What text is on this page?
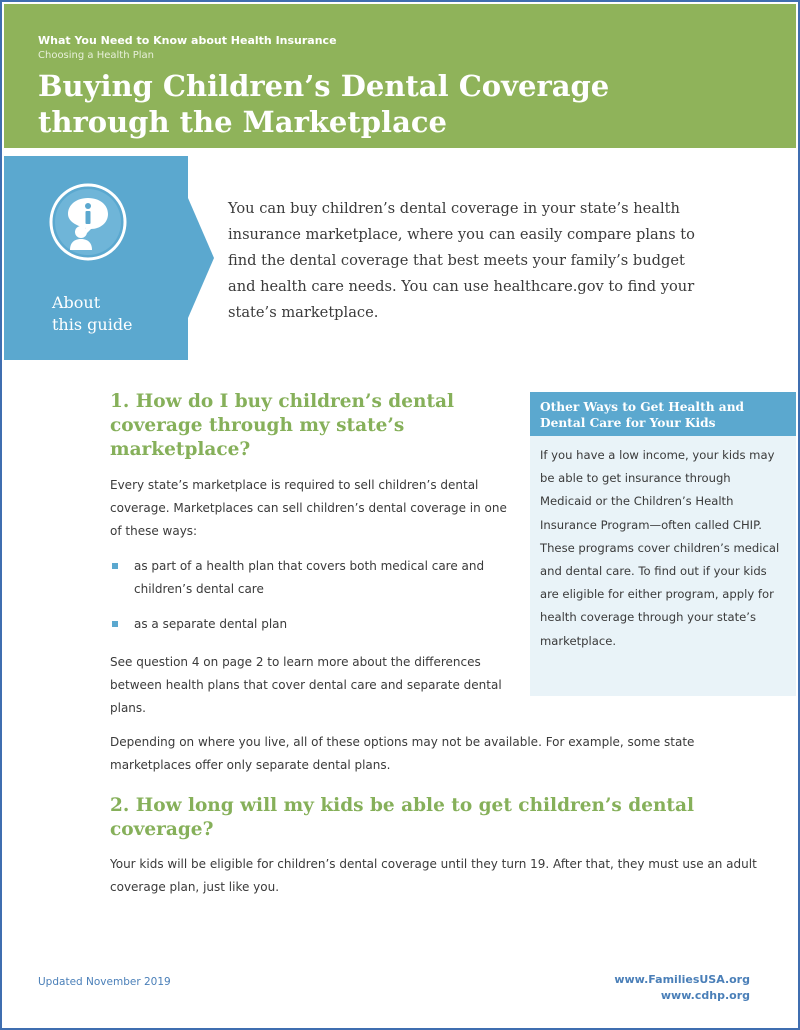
What You Need to Know about Health Insurance
Choosing a Health Plan
Buying Children’s Dental Coverage
through the Marketplace
About
this guide

You can buy children’s dental coverage in your state’s health insurance marketplace, where you can easily compare plans to find the dental coverage that best meets your family’s budget and health care needs. You can use healthcare.gov to find your state’s marketplace.

1. How do I buy children’s dental coverage through my state’s marketplace?

Every state’s marketplace is required to sell children’s dental coverage. Marketplaces can sell children’s dental coverage in one of these ways:

as part of a health plan that covers both medical care and children’s dental care
as a separate dental plan

See question 4 on page 2 to learn more about the differences between health plans that cover dental care and separate dental plans.

Depending on where you live, all of these options may not be available. For example, some state marketplaces offer only separate dental plans.

Other Ways to Get Health and Dental Care for Your Kids

If you have a low income, your kids may be able to get insurance through Medicaid or the Children’s Health Insurance Program—often called CHIP. These programs cover children’s medical and dental care. To find out if your kids are eligible for either program, apply for health coverage through your state’s marketplace.

2. How long will my kids be able to get children’s dental coverage?

Your kids will be eligible for children’s dental coverage until they turn 19. After that, they must use an adult coverage plan, just like you.

Updated November 2019	www.FamiliesUSA.org
www.cdhp.org
